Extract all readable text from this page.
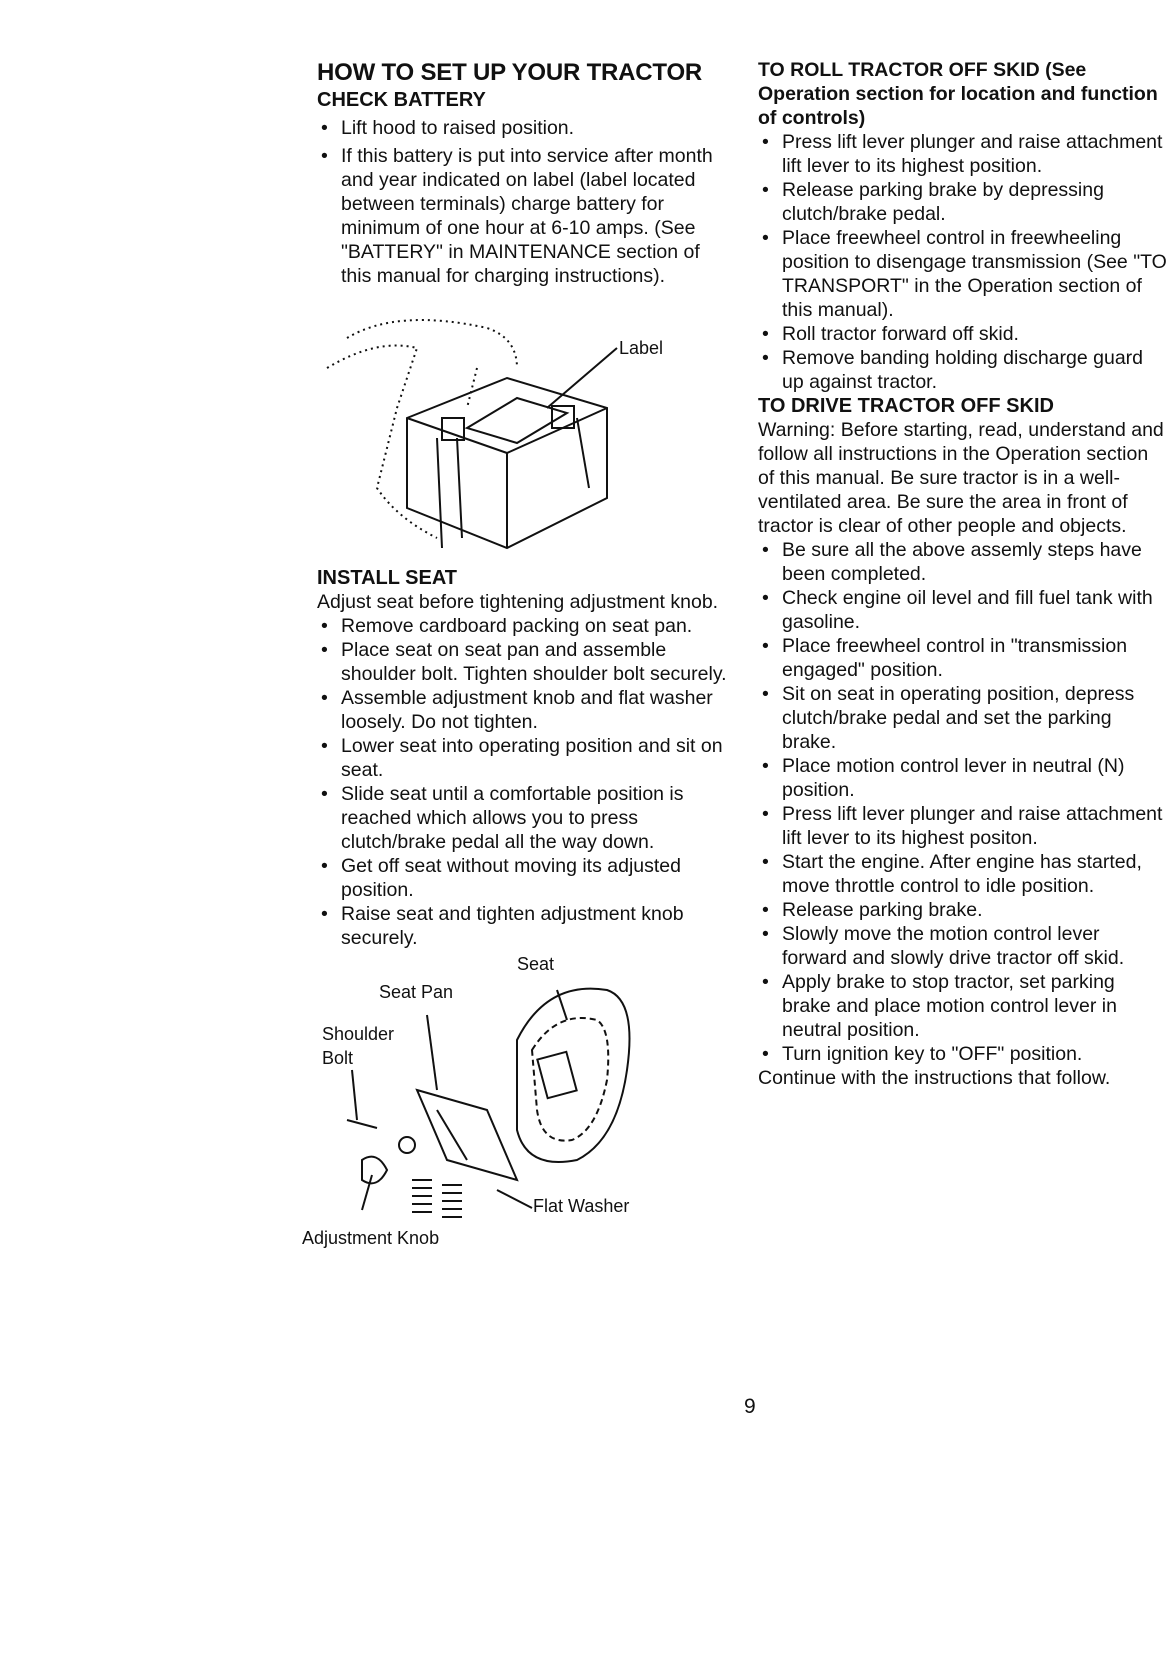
HOW TO SET UP YOUR TRACTOR
CHECK BATTERY
• Lift hood to raised position.
• If this battery is put into service after month and year indicated on label (label located between terminals) charge battery for minimum of one hour at 6-10 amps. (See "BATTERY" in MAINTENANCE section of this manual for charging instructions).
Label
INSTALL SEAT

Adjust seat before tightening adjustment knob.

• Remove cardboard packing on seat pan.
• Place seat on seat pan and assemble shoulder bolt. Tighten shoulder bolt securely.
• Assemble adjustment knob and flat washer loosely. Do not tighten.
• Lower seat into operating position and sit on seat.
• Slide seat until a comfortable position is reached which allows you to press clutch/brake pedal all the way down.
• Get off seat without moving its adjusted position.
• Raise seat and tighten adjustment knob securely.
Seat
Seat Pan
Shoulder
Bolt
Flat Washer
Adjustment Knob
TO ROLL TRACTOR OFF SKID (See Operation section for location and function of controls)
• Press lift lever plunger and raise attachment lift lever to its highest position.
• Release parking brake by depressing clutch/brake pedal.
• Place freewheel control in freewheeling position to disengage transmission (See "TO TRANSPORT" in the Operation section of this manual).
• Roll tractor forward off skid.
• Remove banding holding discharge guard up against tractor.
TO DRIVE TRACTOR OFF SKID

Warning: Before starting, read, understand and follow all instructions in the Operation section of this manual. Be sure tractor is in a well-ventilated area. Be sure the area in front of tractor is clear of other people and objects.

• Be sure all the above assemly steps have been completed.
• Check engine oil level and fill fuel tank with gasoline.
• Place freewheel control in "transmission engaged" position.
• Sit on seat in operating position, depress clutch/brake pedal and set the parking brake.
• Place motion control lever in neutral (N) position.
• Press lift lever plunger and raise attachment lift lever to its highest positon.
• Start the engine. After engine has started, move throttle control to idle position.
• Release parking brake.
• Slowly move the motion control lever forward and slowly drive tractor off skid.
• Apply brake to stop tractor, set parking brake and place motion control lever in neutral position.
• Turn ignition key to "OFF" position.

Continue with the instructions that follow.

9
